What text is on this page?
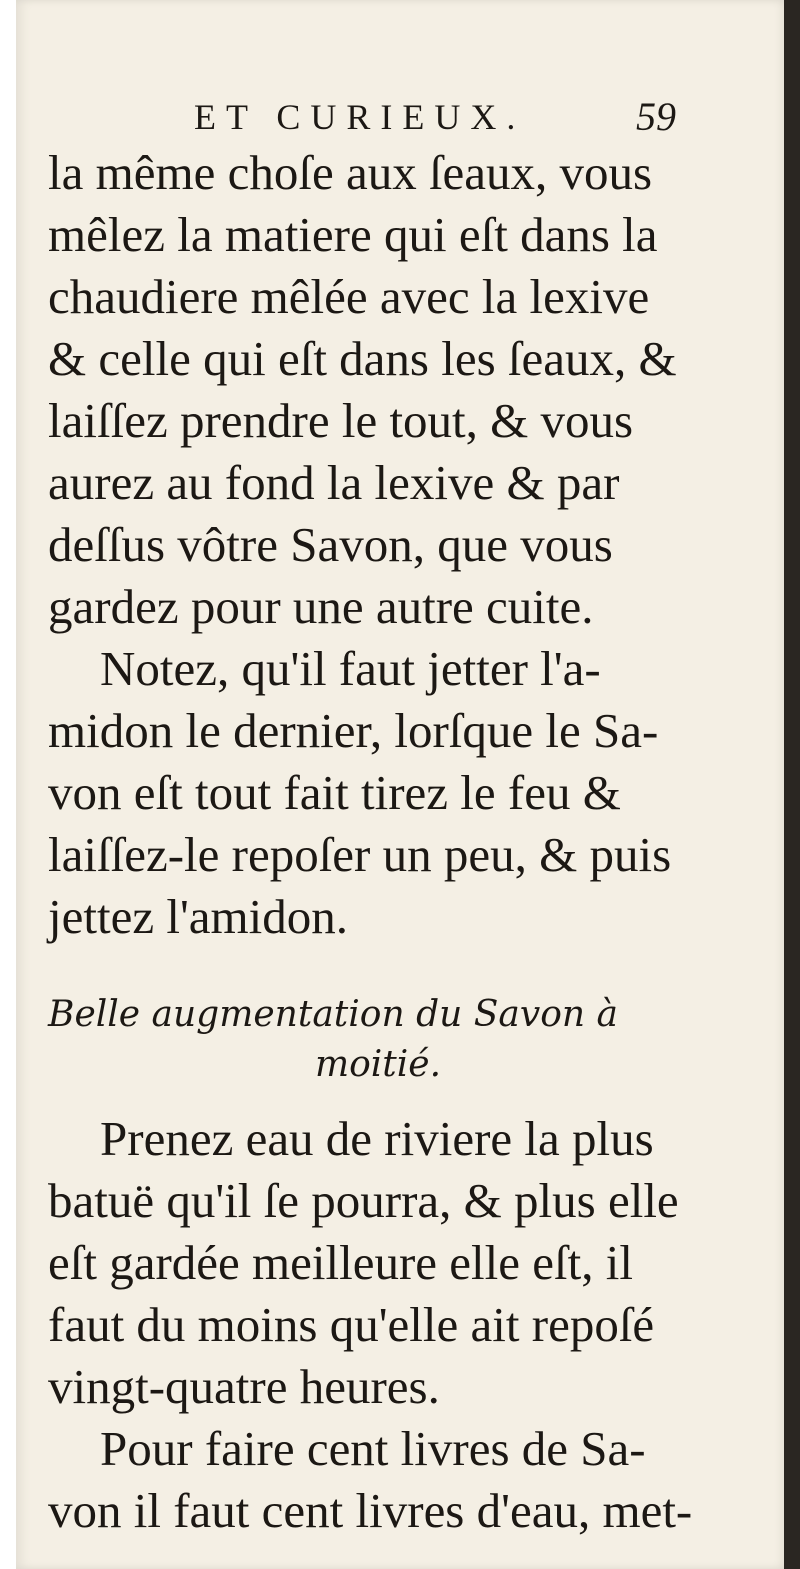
ET CURIEUX.	59
la même choſe aux ſeaux, vous
mêlez la matiere qui eſt dans la
chaudiere mêlée avec la lexive
& celle qui eſt dans les ſeaux, &
laiſſez prendre le tout, & vous
aurez au fond la lexive & par
deſſus vôtre Savon, que vous
gardez pour une autre cuite.
Notez, qu'il faut jetter l'a-
midon le dernier, lorſque le Sa-
von eſt tout fait tirez le feu &
laiſſez-le repoſer un peu, & puis
jettez l'amidon.
Belle augmentation du Savon à
moitié.
Prenez eau de riviere la plus
batuë qu'il ſe pourra, & plus elle
eſt gardée meilleure elle eſt, il
faut du moins qu'elle ait repoſé
vingt-quatre heures.
Pour faire cent livres de Sa-
von il faut cent livres d'eau, met-
